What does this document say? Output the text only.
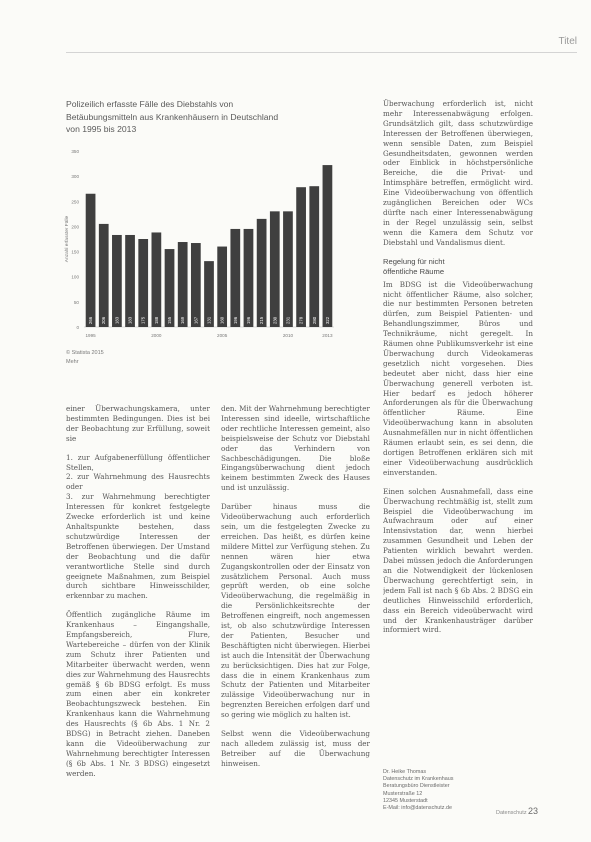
Titel
Polizeilich erfasste Fälle des Diebstahls von
Betäubungsmitteln aus Krankenhäusern in Deutschland
von 1995 bis 2013
0
50
100
150
200
250
300
350
Anzahl erfasster Fälle
266 206 183 183 175 188 155 169 167 131 160 196 196 215 230 231 278 280 322
1995	2000	2005	2010	2013
© Statista 2015
Mehr

einer Überwachungskamera, unter bestimmten Bedingungen. Dies ist bei der Beobachtung zur Erfüllung, soweit sie

1. zur Aufgabenerfüllung öffentlicher Stellen,

2. zur Wahrnehmung des Hausrechts oder

3. zur Wahrnehmung berechtigter Interessen für konkret festgelegte Zwecke erforderlich ist und keine Anhaltspunkte bestehen, dass schutzwürdige Interessen der Betroffenen überwiegen. Der Umstand der Beobachtung und die dafür verantwortliche Stelle sind durch geeignete Maßnahmen, zum Beispiel durch sichtbare Hinweisschilder, erkennbar zu machen.

Öffentlich zugängliche Räume im Krankenhaus – Eingangshalle, Empfangsbereich, Flure, Wartebereiche – dürfen von der Klinik zum Schutz ihrer Patienten und Mitarbeiter überwacht werden, wenn dies zur Wahrnehmung des Hausrechts gemäß § 6b BDSG erfolgt. Es muss zum einen aber ein konkreter Beobachtungszweck bestehen. Ein Krankenhaus kann die Wahrnehmung des Hausrechts (§ 6b Abs. 1 Nr. 2 BDSG) in Betracht ziehen. Daneben kann die Videoüberwachung zur Wahrnehmung berechtigter Interessen (§ 6b Abs. 1 Nr. 3 BDSG) eingesetzt werden.

den. Mit der Wahrnehmung berechtigter Interessen sind ideelle, wirtschaftliche oder rechtliche Interessen gemeint, also beispielsweise der Schutz vor Diebstahl oder das Verhindern von Sachbeschädigungen. Die bloße Eingangsüberwachung dient jedoch keinem bestimmten Zweck des Hauses und ist unzulässig.

Darüber hinaus muss die Videoüberwachung auch erforderlich sein, um die festgelegten Zwecke zu erreichen. Das heißt, es dürfen keine mildere Mittel zur Verfügung stehen. Zu nennen wären hier etwa Zugangskontrollen oder der Einsatz von zusätzlichem Personal. Auch muss geprüft werden, ob eine solche Videoüberwachung, die regelmäßig in die Persönlichkeitsrechte der Betroffenen eingreift, noch angemessen ist, ob also schutzwürdige Interessen der Patienten, Besucher und Beschäftigten nicht überwiegen. Hierbei ist auch die Intensität der Überwachung zu berücksichtigen. Dies hat zur Folge, dass die in einem Krankenhaus zum Schutz der Patienten und Mitarbeiter zulässige Videoüberwachung nur in begrenzten Bereichen erfolgen darf und so gering wie möglich zu halten ist.

Selbst wenn die Videoüberwachung nach alledem zulässig ist, muss der Betreiber auf die Überwachung hinweisen.

Überwachung erforderlich ist, nicht mehr Interessenabwägung erfolgen. Grundsätzlich gilt, dass schutzwürdige Interessen der Betroffenen überwiegen, wenn sensible Daten, zum Beispiel Gesundheitsdaten, gewonnen werden oder Einblick in höchstpersönliche Bereiche, die die Privat- und Intimsphäre betreffen, ermöglicht wird. Eine Videoüberwachung von öffentlich zugänglichen Bereichen oder WCs dürfte nach einer Interessenabwägung in der Regel unzulässig sein, selbst wenn die Kamera dem Schutz vor Diebstahl und Vandalismus dient.

Regelung für nicht
öffentliche Räume

Im BDSG ist die Videoüberwachung nicht öffentlicher Räume, also solcher, die nur bestimmten Personen betreten dürfen, zum Beispiel Patienten- und Behandlungszimmer, Büros und Technikräume, nicht geregelt. In Räumen ohne Publikumsverkehr ist eine Überwachung durch Videokameras gesetzlich nicht vorgesehen. Dies bedeutet aber nicht, dass hier eine Überwachung generell verboten ist. Hier bedarf es jedoch höherer Anforderungen als für die Überwachung öffentlicher Räume. Eine Videoüberwachung kann in absoluten Ausnahmefällen nur in nicht öffentlichen Räumen erlaubt sein, es sei denn, die dortigen Betroffenen erklären sich mit einer Videoüberwachung ausdrücklich einverstanden.

Einen solchen Ausnahmefall, dass eine Überwachung rechtmäßig ist, stellt zum Beispiel die Videoüberwachung im Aufwachraum oder auf einer Intensivstation dar, wenn hierbei zusammen Gesundheit und Leben der Patienten wirklich bewahrt werden. Dabei müssen jedoch die Anforderungen an die Notwendigkeit der lückenlosen Überwachung gerechtfertigt sein, in jedem Fall ist nach § 6b Abs. 2 BDSG ein deutliches Hinweisschild erforderlich, dass ein Bereich videoüberwacht wird und der Krankenhausträger darüber informiert wird.

Dr. Heike Thomas
Datenschutz im Krankenhaus
Beratungsbüro Dienstleister
Musterstraße 12
12345 Musterstadt
E-Mail: info@datenschutz.de
Datenschutz 23
